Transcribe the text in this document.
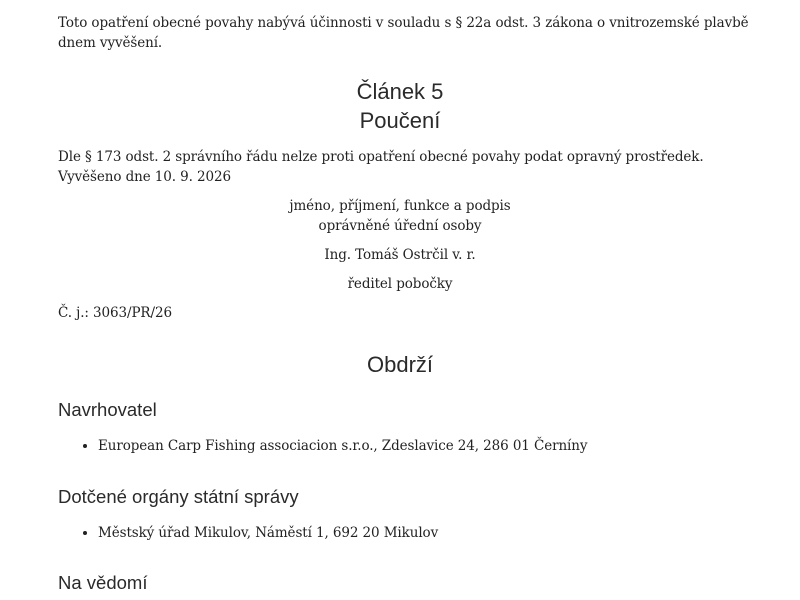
Toto opatření obecné povahy nabývá účinnosti v souladu s § 22a odst. 3 zákona o vnitrozemské plavbě dnem vyvěšení.
Článek 5
Poučení
Dle § 173 odst. 2 správního řádu nelze proti opatření obecné povahy podat opravný prostředek.
Vyvěšeno dne 10. 9. 2026
jméno, příjmení, funkce a podpis
oprávněné úřední osoby
Ing. Tomáš Ostrčil v. r.
ředitel pobočky
Č. j.: 3063/PR/26
Obdrží
Navrhovatel
• European Carp Fishing associacion s.r.o., Zdeslavice 24, 286 01 Černíny
Dotčené orgány státní správy
• Městský úřad Mikulov, Náměstí 1, 692 20 Mikulov
Na vědomí
